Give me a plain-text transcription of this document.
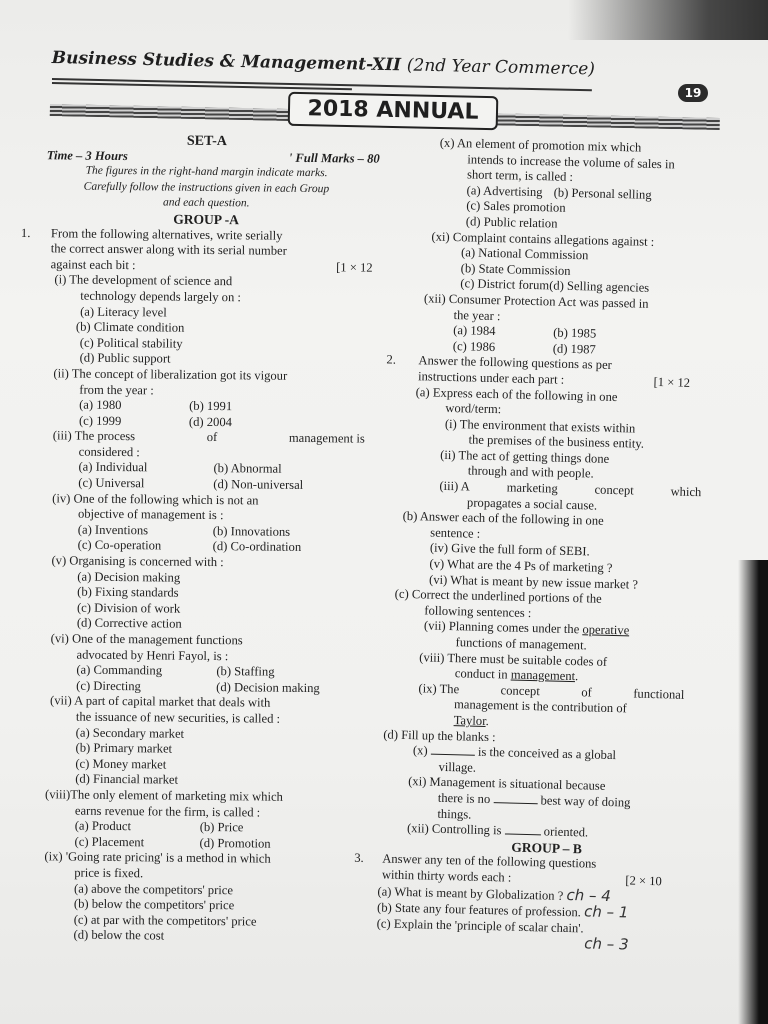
Business Studies & Management-XII (2nd Year Commerce)
19
2018 ANNUAL
SET-A
Time – 3 Hours	' Full Marks – 80
The figures in the right-hand margin indicate marks.
Carefully follow the instructions given in each Group
and each question.
GROUP -A
1. From the following alternatives, write serially
the correct answer along with its serial number
against each bit :	[1 × 12
(i) The development of science and
technology depends largely on :
(a) Literacy level
(b) Climate condition
(c) Political stability
(d) Public support
(ii) The concept of liberalization got its vigour
from the year :
(a) 1980	(b) 1991
(c) 1999	(d) 2004
(iii) The process	of	management is
considered :
(a) Individual	(b) Abnormal
(c) Universal	(d) Non-universal
(iv) One of the following which is not an
objective of management is :
(a) Inventions	(b) Innovations
(c) Co-operation	(d) Co-ordination
(v) Organising is concerned with :
(a) Decision making
(b) Fixing standards
(c) Division of work
(d) Corrective action
(vi) One of the management functions
advocated by Henri Fayol, is :
(a) Commanding	(b) Staffing
(c) Directing	(d) Decision making
(vii) A part of capital market that deals with
the issuance of new securities, is called :
(a) Secondary market
(b) Primary market
(c) Money market
(d) Financial market
(viii)The only element of marketing mix which
earns revenue for the firm, is called :
(a) Product	(b) Price
(c) Placement	(d) Promotion
(ix) 'Going rate pricing' is a method in which
price is fixed.
(a) above the competitors' price
(b) below the competitors' price
(c) at par with the competitors' price
(d) below the cost
(x) An element of promotion mix which
intends to increase the volume of sales in
short term, is called :
(a) Advertising (b) Personal selling
(c) Sales promotion
(d) Public relation
(xi) Complaint contains allegations against :
(a) National Commission
(b) State Commission
(c) District forum(d) Selling agencies
(xii) Consumer Protection Act was passed in
the year :
(a) 1984	(b) 1985
(c) 1986	(d) 1987
2. Answer the following questions as per
instructions under each part :	[1 × 12
(a) Express each of the following in one
word/term:
(i) The environment that exists within
the premises of the business entity.
(ii) The act of getting things done
through and with people.
(iii) A	marketing	concept	which
propagates a social cause.
(b) Answer each of the following in one
sentence :
(iv) Give the full form of SEBI.
(v) What are the 4 Ps of marketing ?
(vi) What is meant by new issue market ?
(c) Correct the underlined portions of the
following sentences :
(vii) Planning comes under the operative
functions of management.
(viii) There must be suitable codes of
conduct in management.
(ix) The	concept	of	functional
management is the contribution of
Taylor.
(d) Fill up the blanks :
(x)	is the conceived as a global
village.
(xi) Management is situational because
there is no	best way of doing
things.
(xii) Controlling is	oriented.
GROUP – B
3. Answer any ten of the following questions
within thirty words each :	[2 × 10
(a) What is meant by Globalization ? ch – 4
(b) State any four features of profession. ch – 1
(c) Explain the 'principle of scalar chain'.
ch – 3
